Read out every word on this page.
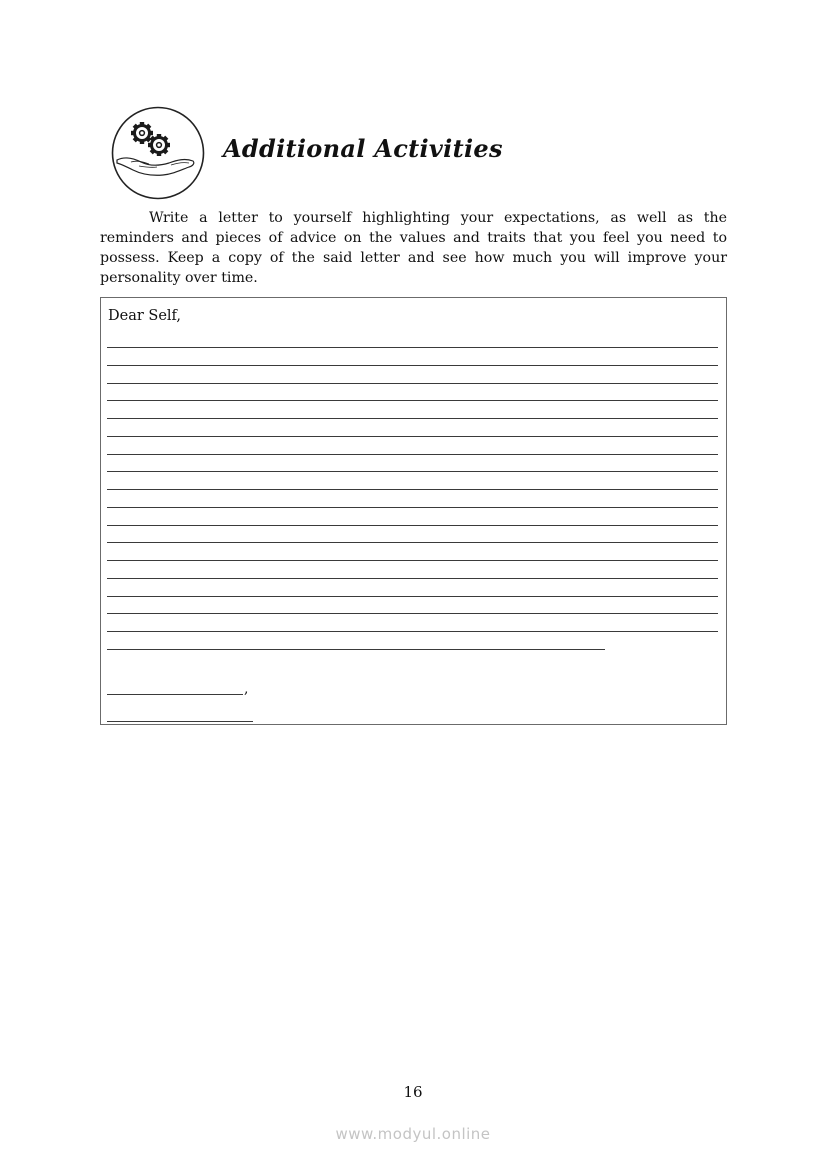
Additional Activities

Write a letter to yourself highlighting your expectations, as well as the reminders and pieces of advice on the values and traits that you feel you need to possess. Keep a copy of the said letter and see how much you will improve your personality over time.

Dear Self,
,
16
www.modyul.online
